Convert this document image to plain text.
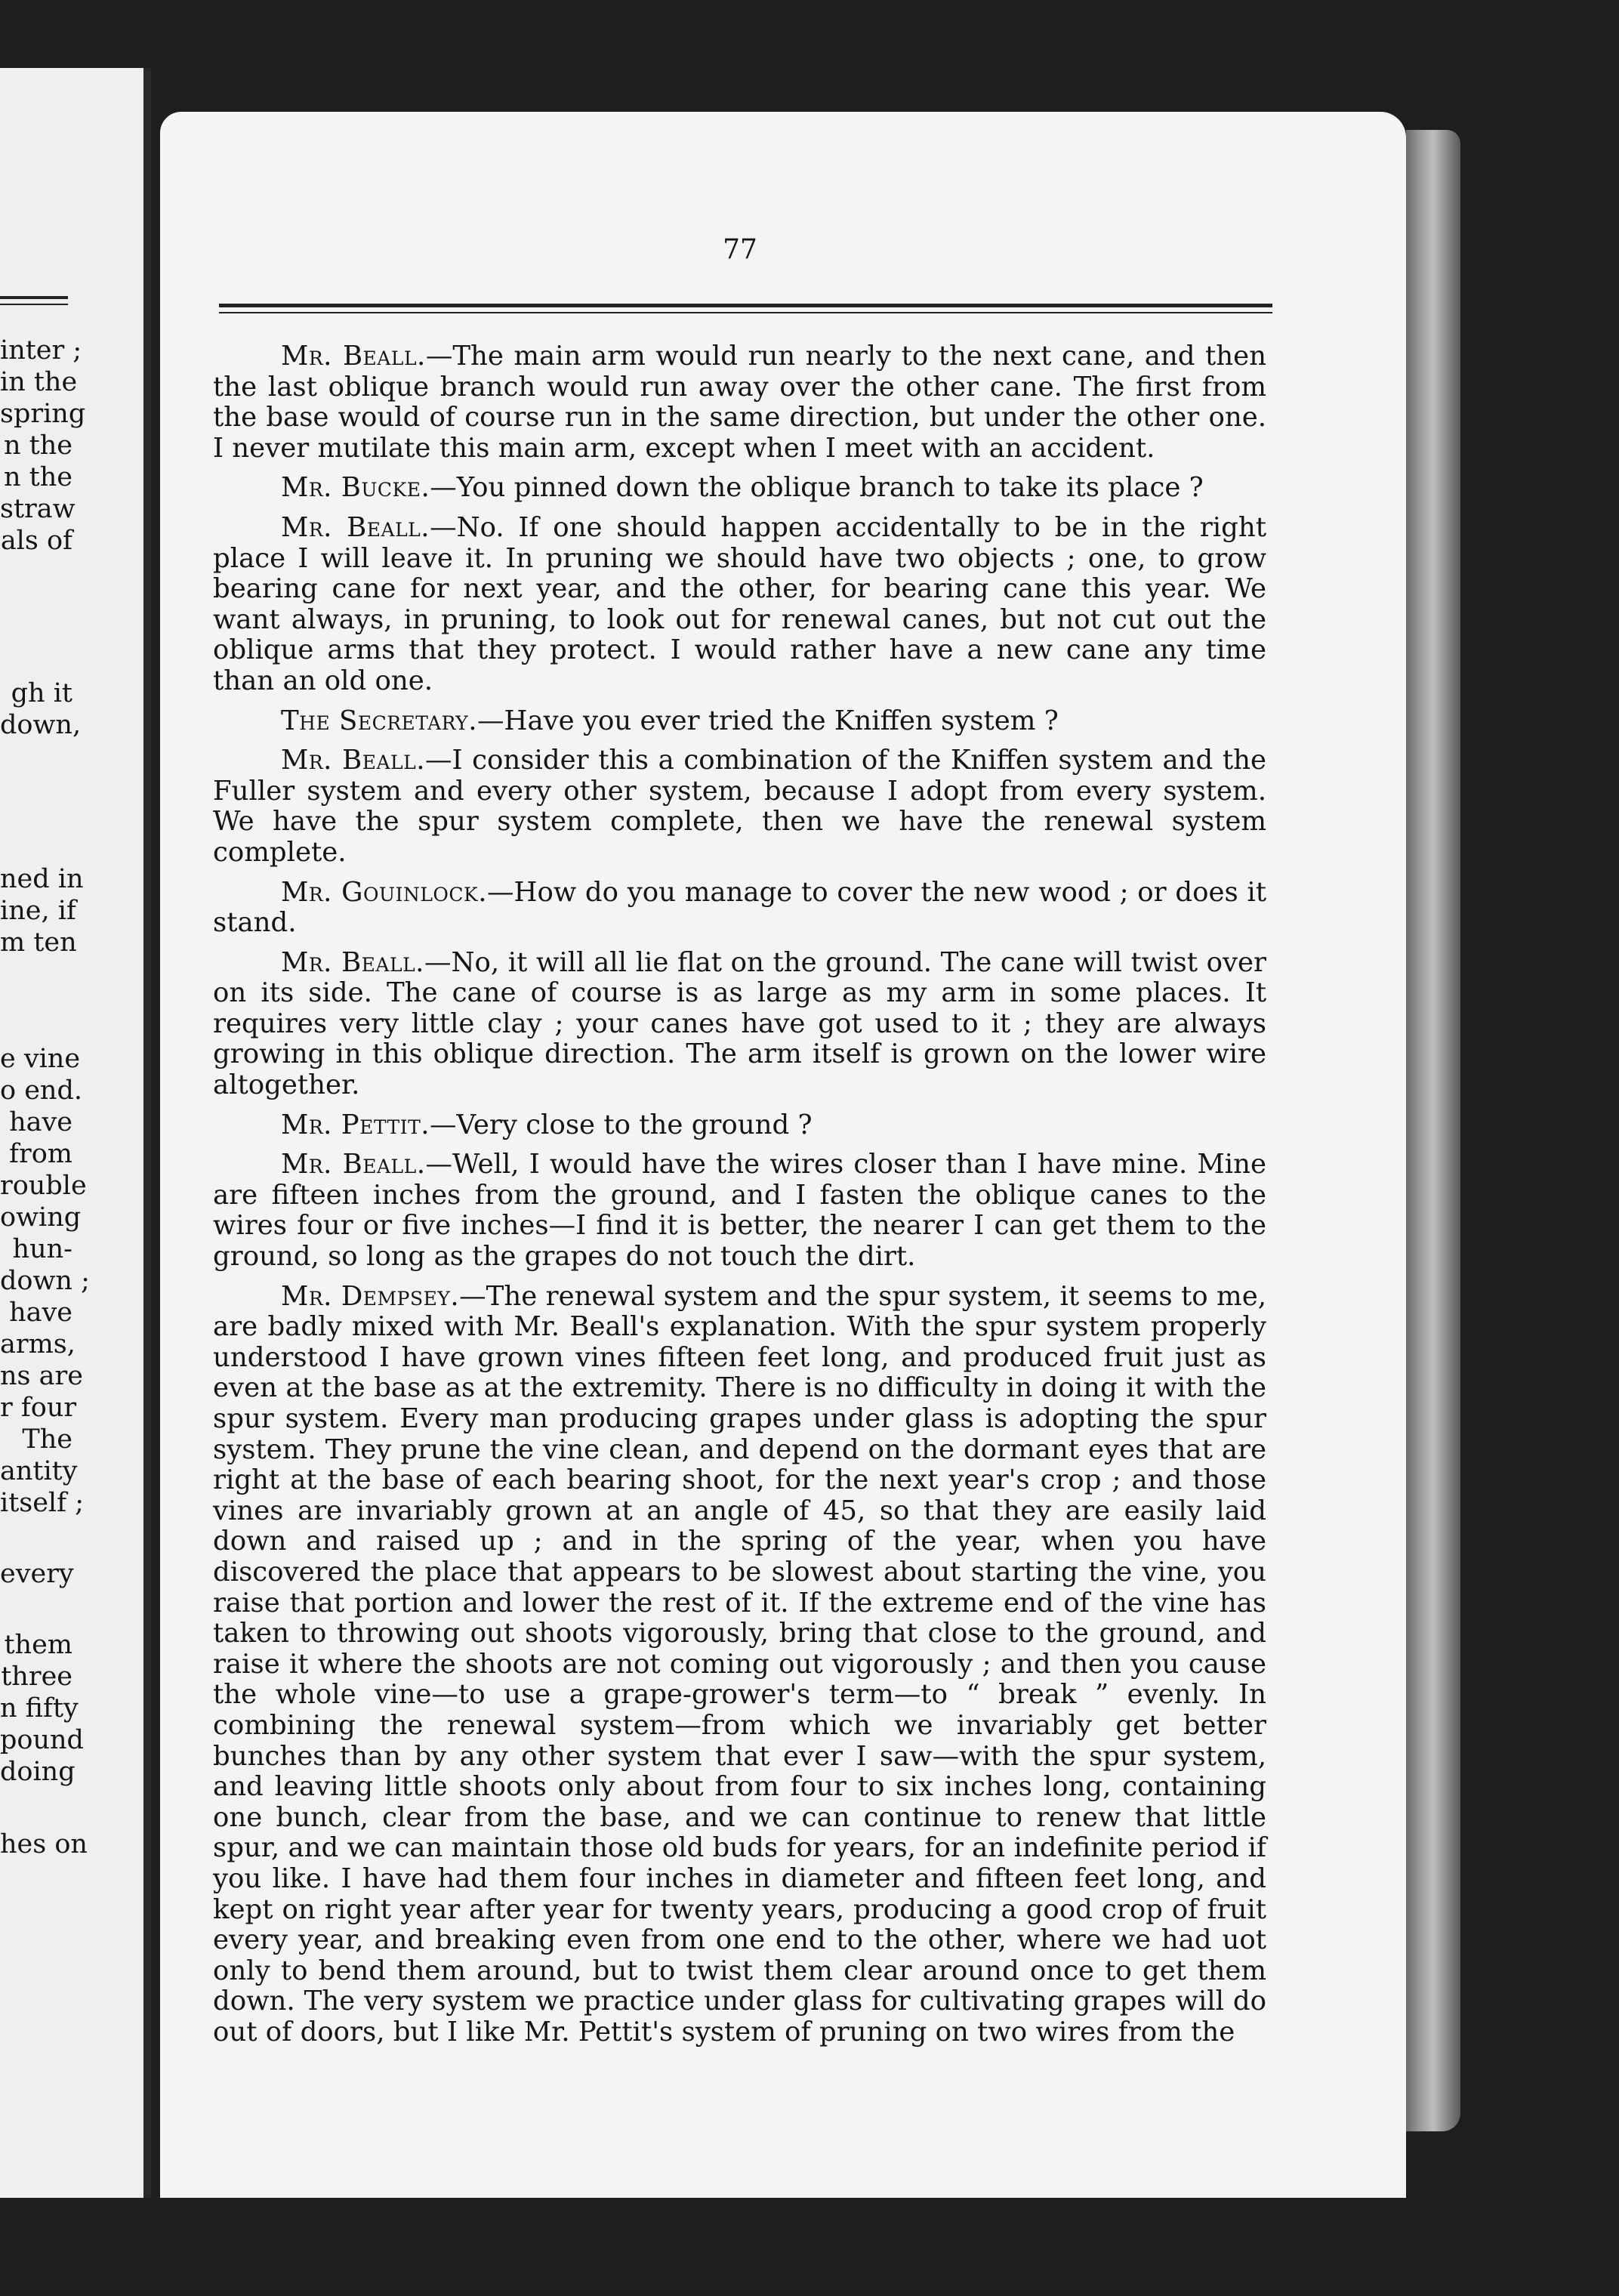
inter ;
in the
spring
n the
n the
straw
als of
gh it
down,
ned in
ine, if
m ten
e vine
o end.
have
from
rouble
owing
hun-
down ;
have
arms,
ns are
r four
The
antity
itself ;
every
them
three
n fifty
pound
doing
hes on
77

Mr. Beall.—The main arm would run nearly to the next cane, and then the last oblique branch would run away over the other cane. The first from the base would of course run in the same direction, but under the other one. I never mutilate this main arm, except when I meet with an accident.

Mr. Bucke.—You pinned down the oblique branch to take its place ?

Mr. Beall.—No. If one should happen accidentally to be in the right place I will leave it. In pruning we should have two objects ; one, to grow bearing cane for next year, and the other, for bearing cane this year. We want always, in pruning, to look out for renewal canes, but not cut out the oblique arms that they protect. I would rather have a new cane any time than an old one.

The Secretary.—Have you ever tried the Kniffen system ?

Mr. Beall.—I consider this a combination of the Kniffen system and the Fuller system and every other system, because I adopt from every system. We have the spur system complete, then we have the renewal system complete.

Mr. Gouinlock.—How do you manage to cover the new wood ; or does it stand.

Mr. Beall.—No, it will all lie flat on the ground. The cane will twist over on its side. The cane of course is as large as my arm in some places. It requires very little clay ; your canes have got used to it ; they are always growing in this oblique direction. The arm itself is grown on the lower wire altogether.

Mr. Pettit.—Very close to the ground ?

Mr. Beall.—Well, I would have the wires closer than I have mine. Mine are fifteen inches from the ground, and I fasten the oblique canes to the wires four or five inches—I find it is better, the nearer I can get them to the ground, so long as the grapes do not touch the dirt.

Mr. Dempsey.—The renewal system and the spur system, it seems to me, are badly mixed with Mr. Beall's explanation. With the spur system properly understood I have grown vines fifteen feet long, and produced fruit just as even at the base as at the extremity. There is no difficulty in doing it with the spur system. Every man producing grapes under glass is adopting the spur system. They prune the vine clean, and depend on the dormant eyes that are right at the base of each bearing shoot, for the next year's crop ; and those vines are invariably grown at an angle of 45, so that they are easily laid down and raised up ; and in the spring of the year, when you have discovered the place that appears to be slowest about starting the vine, you raise that portion and lower the rest of it. If the extreme end of the vine has taken to throwing out shoots vigorously, bring that close to the ground, and raise it where the shoots are not coming out vigorously ; and then you cause the whole vine—to use a grape-grower's term—to “ break ” evenly. In combining the renewal system—from which we invariably get better bunches than by any other system that ever I saw—with the spur system, and leaving little shoots only about from four to six inches long, containing one bunch, clear from the base, and we can continue to renew that little spur, and we can maintain those old buds for years, for an indefinite period if you like. I have had them four inches in diameter and fifteen feet long, and kept on right year after year for twenty years, producing a good crop of fruit every year, and breaking even from one end to the other, where we had uot only to bend them around, but to twist them clear around once to get them down. The very system we practice under glass for cultivating grapes will do out of doors, but I like Mr. Pettit's system of pruning on two wires from the
